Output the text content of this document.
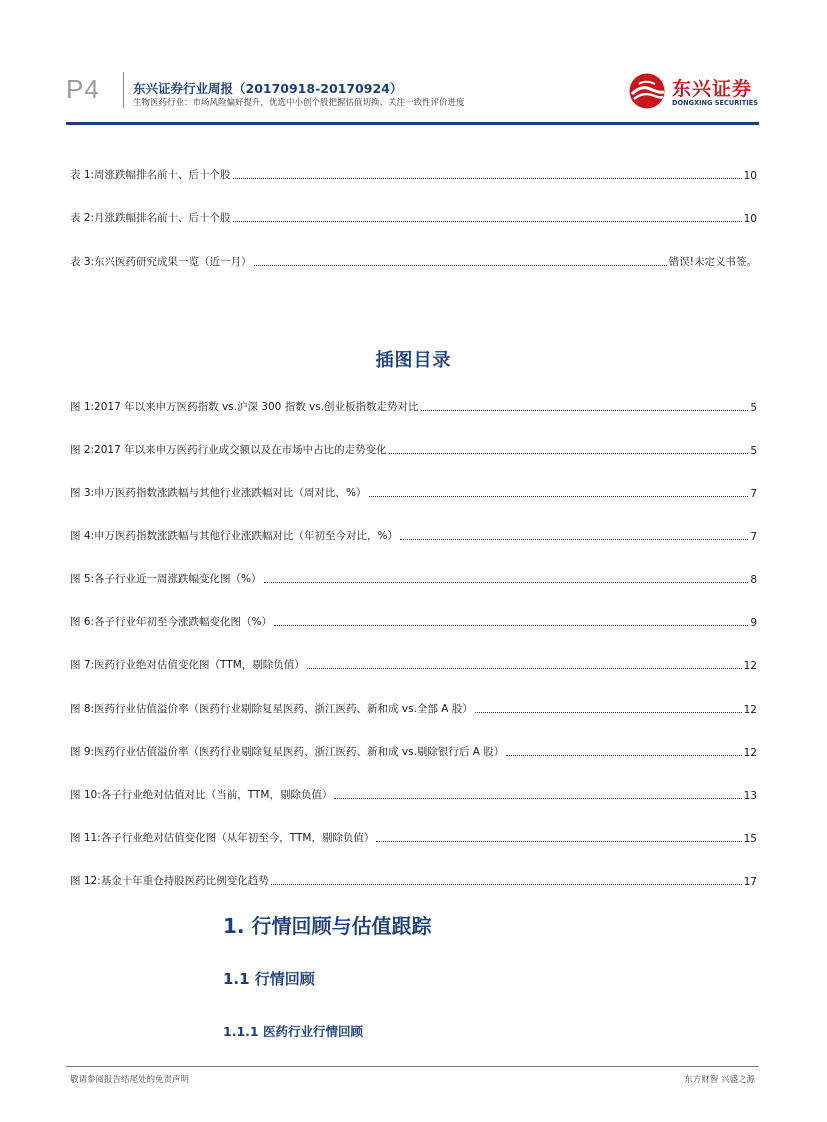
P4	东兴证券行业周报（20170918-20170924）
生物医药行业：市场风险偏好提升，优选中小创个股把握估值切换、关注一致性评价进度
东兴证券
DONGXING SECURITIES
表 1:周涨跌幅排名前十、后十个股	10
表 2:月涨跌幅排名前十、后十个股	10
表 3:东兴医药研究成果一览（近一月）	错误!未定义书签。
插图目录
图 1:2017 年以来申万医药指数 vs.沪深 300 指数 vs.创业板指数走势对比	5
图 2:2017 年以来申万医药行业成交额以及在市场中占比的走势变化	5
图 3:申万医药指数涨跌幅与其他行业涨跌幅对比（周对比，%）	7
图 4:申万医药指数涨跌幅与其他行业涨跌幅对比（年初至今对比，%）	7
图 5:各子行业近一周涨跌幅变化图（%）	8
图 6:各子行业年初至今涨跌幅变化图（%）	9
图 7:医药行业绝对估值变化图（TTM，剔除负值）	12
图 8:医药行业估值溢价率（医药行业剔除复星医药、浙江医药、新和成 vs.全部 A 股）	12
图 9:医药行业估值溢价率（医药行业剔除复星医药、浙江医药、新和成 vs.剔除银行后 A 股）	12
图 10:各子行业绝对估值对比（当前，TTM，剔除负值）	13
图 11:各子行业绝对估值变化图（从年初至今，TTM，剔除负值）	15
图 12:基金十年重仓持股医药比例变化趋势	17
1. 行情回顾与估值跟踪
1.1 行情回顾
1.1.1 医药行业行情回顾
敬请参阅报告结尾处的免责声明	东方财智 兴盛之源
